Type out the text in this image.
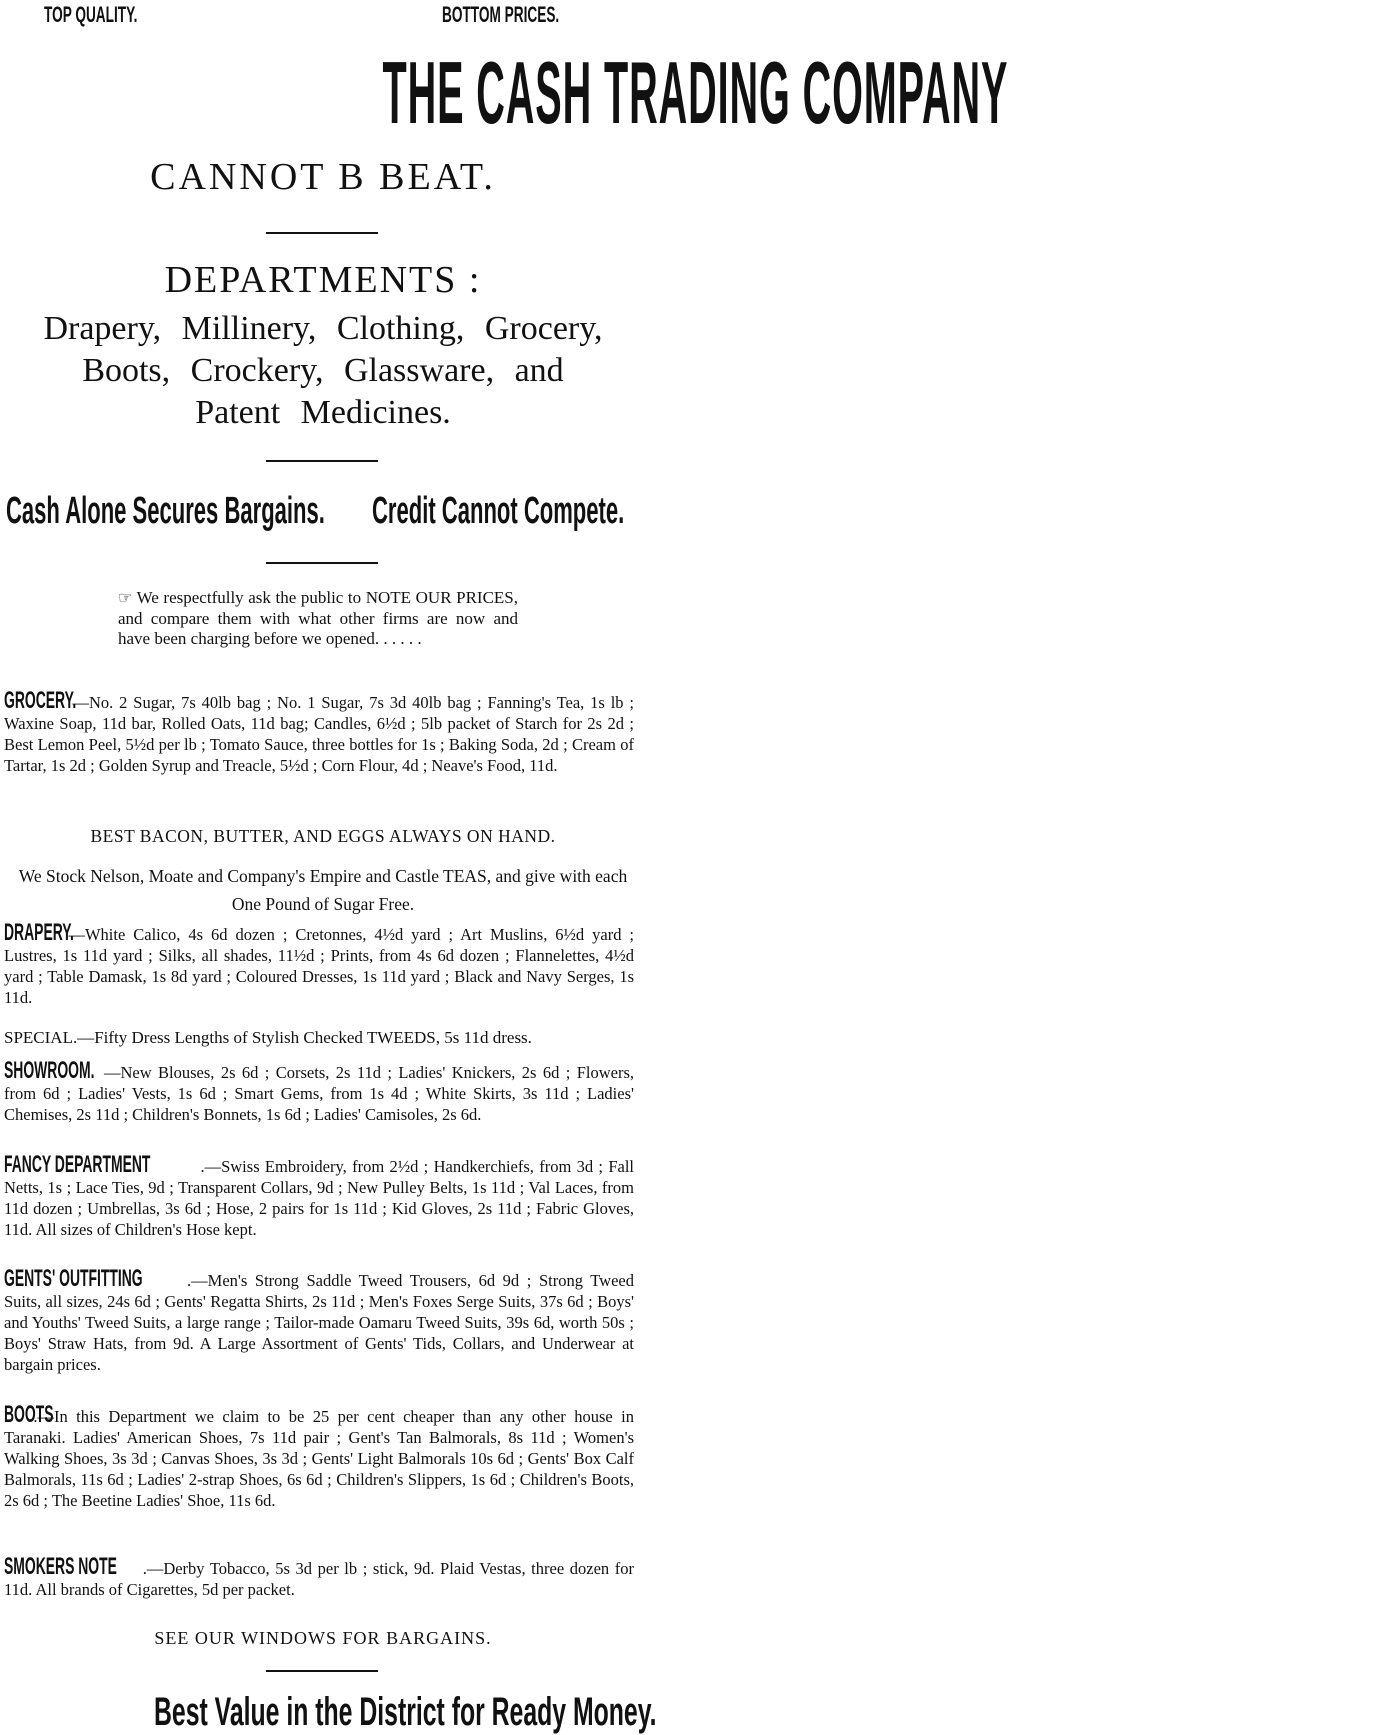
TOP QUALITY.	BOTTOM PRICES.
THE CASH TRADING COMPANY
CANNOT B BEAT.
DEPARTMENTS :
Drapery, Millinery, Clothing, Grocery,
Boots, Crockery, Glassware, and
Patent Medicines.
Cash Alone Secures Bargains. Credit Cannot Compete.
☞ We respectfully ask the public to NOTE OUR PRICES, and compare them with what other firms are now and have been charging before we opened. . . . . .
GROCERY.—No. 2 Sugar, 7s 40lb bag ; No. 1 Sugar, 7s 3d 40lb bag ; Fanning's Tea, 1s lb ; Waxine Soap, 11d bar, Rolled Oats, 11d bag; Candles, 6½d ; 5lb packet of Starch for 2s 2d ; Best Lemon Peel, 5½d per lb ; Tomato Sauce, three bottles for 1s ; Baking Soda, 2d ; Cream of Tartar, 1s 2d ; Golden Syrup and Treacle, 5½d ; Corn Flour, 4d ; Neave's Food, 11d.
BEST BACON, BUTTER, AND EGGS ALWAYS ON HAND.
We Stock Nelson, Moate and Company's Empire and Castle TEAS, and give with each One Pound of Sugar Free.
DRAPERY.—White Calico, 4s 6d dozen ; Cretonnes, 4½d yard ; Art Muslins, 6½d yard ; Lustres, 1s 11d yard ; Silks, all shades, 11½d ; Prints, from 4s 6d dozen ; Flannelettes, 4½d yard ; Table Damask, 1s 8d yard ; Coloured Dresses, 1s 11d yard ; Black and Navy Serges, 1s 11d.
SPECIAL.—Fifty Dress Lengths of Stylish Checked TWEEDS, 5s 11d dress.
SHOWROOM. —New Blouses, 2s 6d ; Corsets, 2s 11d ; Ladies' Knickers, 2s 6d ; Flowers, from 6d ; Ladies' Vests, 1s 6d ; Smart Gems, from 1s 4d ; White Skirts, 3s 11d ; Ladies' Chemises, 2s 11d ; Children's Bonnets, 1s 6d ; Ladies' Camisoles, 2s 6d.
FANCY DEPARTMENT	.—Swiss Embroidery, from 2½d ; Handkerchiefs, from 3d ; Fall Netts, 1s ; Lace Ties, 9d ; Transparent Collars, 9d ; New Pulley Belts, 1s 11d ; Val Laces, from 11d dozen ; Umbrellas, 3s 6d ; Hose, 2 pairs for 1s 11d ; Kid Gloves, 2s 11d ; Fabric Gloves, 11d. All sizes of Children's Hose kept.
GENTS' OUTFITTING	.—Men's Strong Saddle Tweed Trousers, 6d 9d ; Strong Tweed Suits, all sizes, 24s 6d ; Gents' Regatta Shirts, 2s 11d ; Men's Foxes Serge Suits, 37s 6d ; Boys' and Youths' Tweed Suits, a large range ; Tailor-made Oamaru Tweed Suits, 39s 6d, worth 50s ; Boys' Straw Hats, from 9d. A Large Assortment of Gents' Tids, Collars, and Underwear at bargain prices.
BOOTS.—In this Department we claim to be 25 per cent cheaper than any other house in Taranaki. Ladies' American Shoes, 7s 11d pair ; Gent's Tan Balmorals, 8s 11d ; Women's Walking Shoes, 3s 3d ; Canvas Shoes, 3s 3d ; Gents' Light Balmorals 10s 6d ; Gents' Box Calf Balmorals, 11s 6d ; Ladies' 2-strap Shoes, 6s 6d ; Children's Slippers, 1s 6d ; Children's Boots, 2s 6d ; The Beetine Ladies' Shoe, 11s 6d.
SMOKERS NOTE .—Derby Tobacco, 5s 3d per lb ; stick, 9d. Plaid Vestas, three dozen for 11d. All brands of Cigarettes, 5d per packet.
SEE OUR WINDOWS FOR BARGAINS.
Best Value in the District for Ready Money.
